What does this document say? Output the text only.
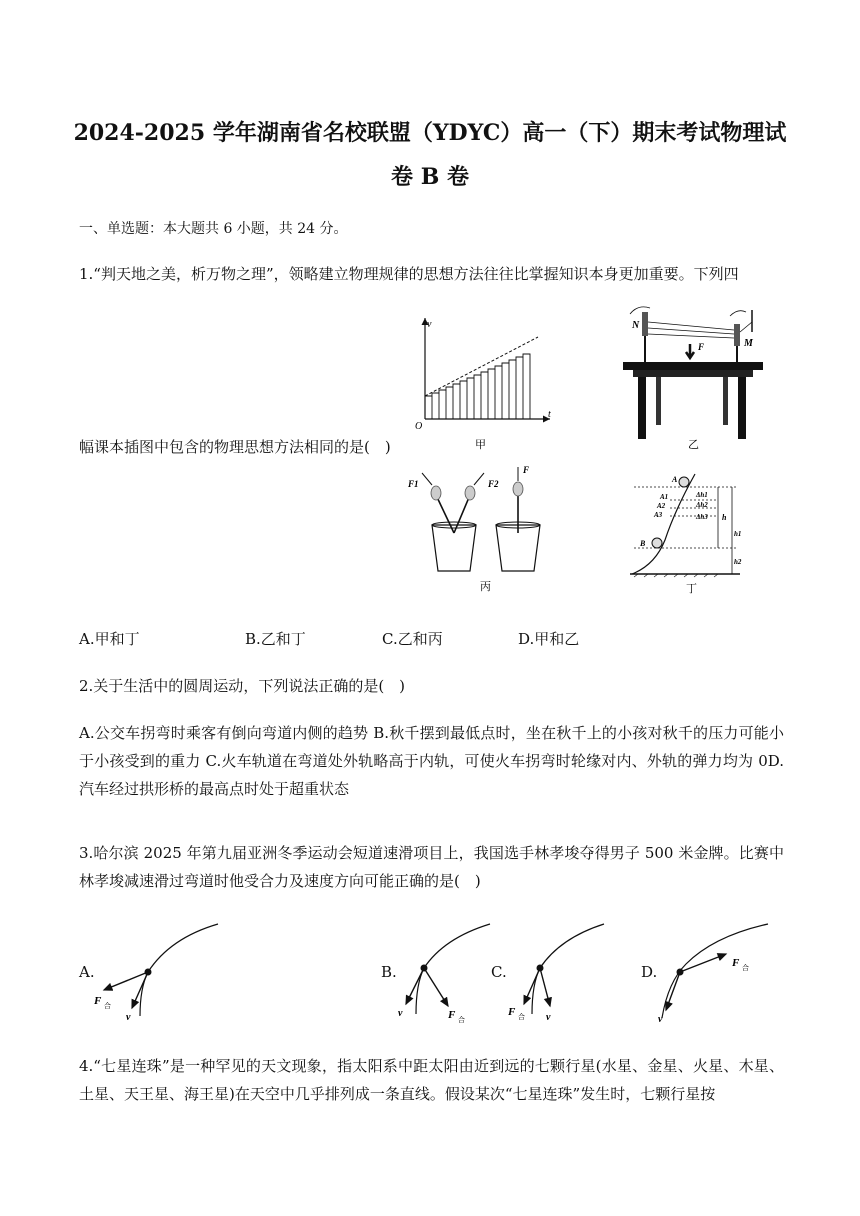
2024-2025 学年湖南省名校联盟（YDYC）高一（下）期末考试物理试
卷 B 卷
一、单选题：本大题共 6 小题，共 24 分。
1.“判天地之美，析万物之理”，领略建立物理规律的思想方法往往比掌握知识本身更加重要。下列四
幅课本插图中包含的物理思想方法相同的是(　)
v
t
O
甲
F
N
M
乙
F1	F2
F
丙
A
A1
A2
A3
B
Δh1
Δh2
Δh3 h
h1
h2
丁
A.甲和丁	B.乙和丁	C.乙和丙	D.甲和乙
2.关于生活中的圆周运动，下列说法正确的是(　)
A.公交车拐弯时乘客有倒向弯道内侧的趋势 B.秋千摆到最低点时，坐在秋千上的小孩对秋千的压力可能小于小孩受到的重力 C.火车轨道在弯道处外轨略高于内轨，可使火车拐弯时轮缘对内、外轨的弹力均为 0D.汽车经过拱形桥的最高点时处于超重状态
3.哈尔滨 2025 年第九届亚洲冬季运动会短道速滑项目上，我国选手林孝埈夺得男子 500 米金牌。比赛中林孝埈减速滑过弯道时他受合力及速度方向可能正确的是(　)
A.
F 合
v
B.
v	F 合
C.
F 合 v
D.	F 合
v
4.“七星连珠”是一种罕见的天文现象，指太阳系中距太阳由近到远的七颗行星(水星、金星、火星、木星、土星、天王星、海王星)在天空中几乎排列成一条直线。假设某次“七星连珠”发生时，七颗行星按
